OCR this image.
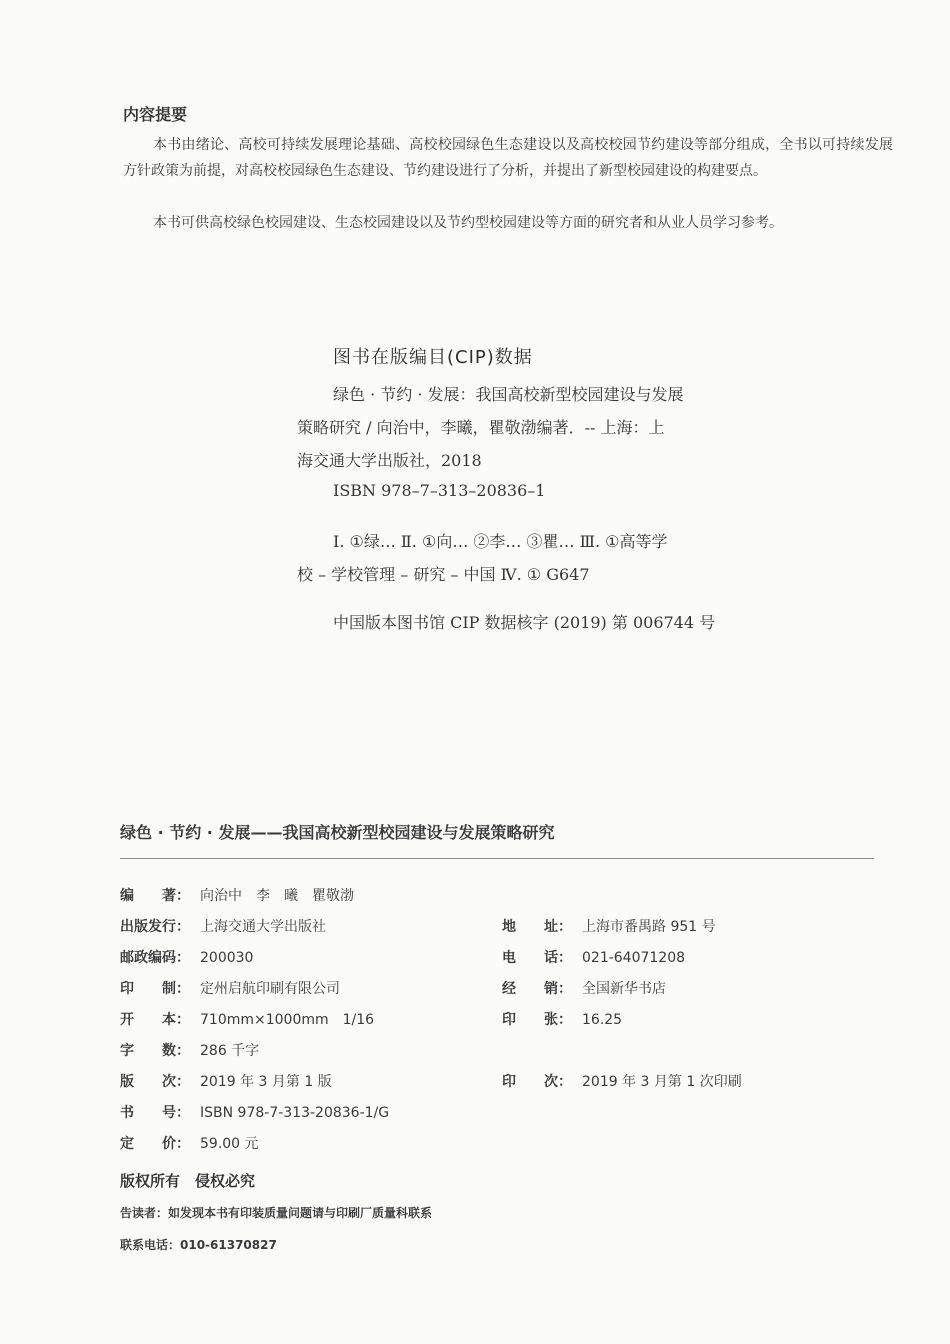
内容提要
本书由绪论、高校可持续发展理论基础、高校校园绿色生态建设以及高校校园节约建设等部分组成，全书以可持续发展方针政策为前提，对高校校园绿色生态建设、节约建设进行了分析，并提出了新型校园建设的构建要点。
本书可供高校绿色校园建设、生态校园建设以及节约型校园建设等方面的研究者和从业人员学习参考。
图书在版编目(CIP)数据
绿色 · 节约 · 发展：我国高校新型校园建设与发展
策略研究 / 向治中，李曦，瞿敬渤编著．-- 上海：上
海交通大学出版社，2018
ISBN 978–7–313–20836–1
Ⅰ. ①绿… Ⅱ. ①向… ②李… ③瞿… Ⅲ. ①高等学
校 – 学校管理 – 研究 – 中国 Ⅳ. ① G647
中国版本图书馆 CIP 数据核字 (2019) 第 006744 号
绿色 · 节约 · 发展——我国高校新型校园建设与发展策略研究
编　　著： 向治中　李　曦　瞿敬渤
出版发行： 上海交通大学出版社	地　　址： 上海市番禺路 951 号
邮政编码： 200030	电　　话： 021-64071208
印　　制： 定州启航印刷有限公司	经　　销： 全国新华书店
开　　本： 710mm×1000mm　1/16	印　　张： 16.25
字　　数： 286 千字
版　　次： 2019 年 3 月第 1 版	印　　次： 2019 年 3 月第 1 次印刷
书　　号： ISBN 978-7-313-20836-1/G
定　　价： 59.00 元
版权所有　侵权必究
告读者：如发现本书有印装质量问题请与印刷厂质量科联系
联系电话：010-61370827
